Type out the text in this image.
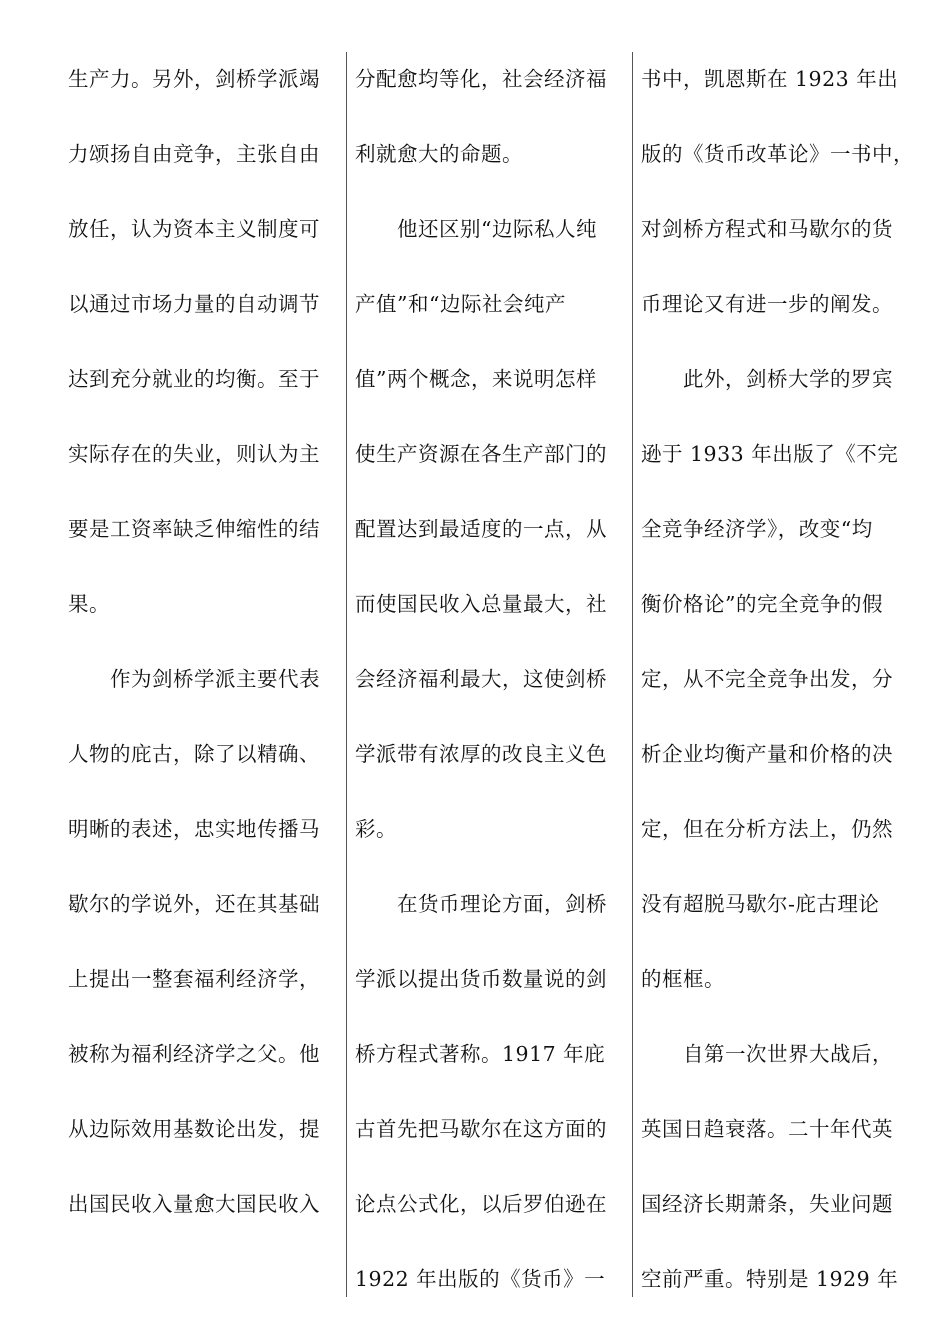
生产力。另外，剑桥学派竭
力颂扬自由竞争，主张自由
放任，认为资本主义制度可
以通过市场力量的自动调节
达到充分就业的均衡。至于
实际存在的失业，则认为主
要是工资率缺乏伸缩性的结
果。
　　作为剑桥学派主要代表
人物的庇古，除了以精确、
明晰的表述，忠实地传播马
歇尔的学说外，还在其基础
上提出一整套福利经济学，
被称为福利经济学之父。他
从边际效用基数论出发，提
出国民收入量愈大国民收入
分配愈均等化，社会经济福
利就愈大的命题。
　　他还区别“边际私人纯
产值”和“边际社会纯产
值”两个概念，来说明怎样
使生产资源在各生产部门的
配置达到最适度的一点，从
而使国民收入总量最大，社
会经济福利最大，这使剑桥
学派带有浓厚的改良主义色
彩。
　　在货币理论方面，剑桥
学派以提出货币数量说的剑
桥方程式著称。1917 年庇
古首先把马歇尔在这方面的
论点公式化，以后罗伯逊在
1922 年出版的《货币》一
书中，凯恩斯在 1923 年出
版的《货币改革论》一书中，
对剑桥方程式和马歇尔的货
币理论又有进一步的阐发。
　　此外，剑桥大学的罗宾
逊于 1933 年出版了《不完
全竞争经济学》，改变“均
衡价格论”的完全竞争的假
定，从不完全竞争出发，分
析企业均衡产量和价格的决
定，但在分析方法上，仍然
没有超脱马歇尔-庇古理论
的框框。
　　自第一次世界大战后，
英国日趋衰落。二十年代英
国经济长期萧条，失业问题
空前严重。特别是 1929 年
